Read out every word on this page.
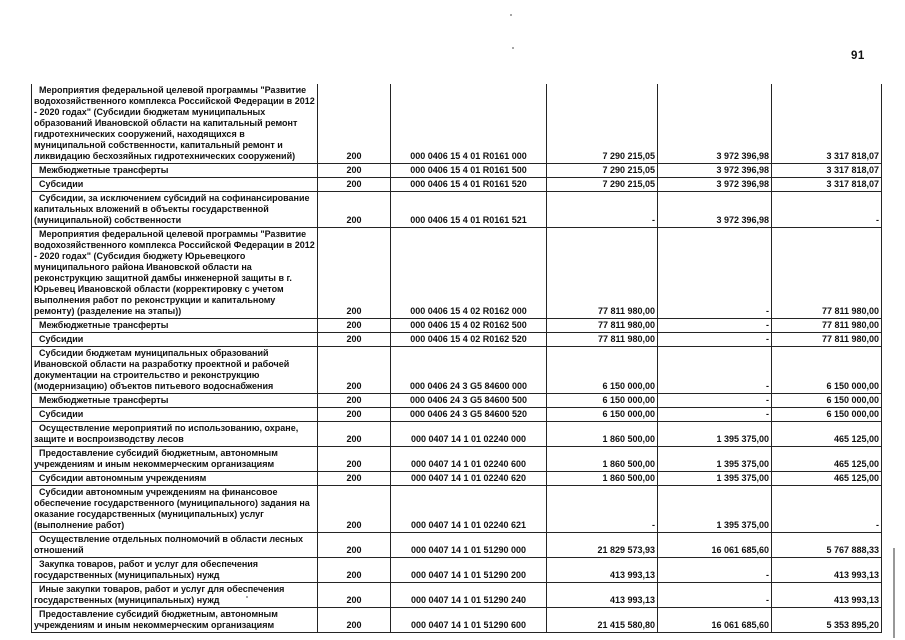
91
Мероприятия федеральной целевой программы "Развитие водохозяйственного комплекса Российской Федерации в 2012 - 2020 годах" (Субсидии бюджетам муниципальных образований Ивановской области на капитальный ремонт гидротехнических сооружений, находящихся в муниципальной собственности, капитальный ремонт и ликвидацию бесхозяйных гидротехнических сооружений)	200	000 0406 15 4 01 R0161 000	7 290 215,05	3 972 396,98	3 317 818,07
Межбюджетные трансферты	200	000 0406 15 4 01 R0161 500	7 290 215,05	3 972 396,98	3 317 818,07
Субсидии	200	000 0406 15 4 01 R0161 520	7 290 215,05	3 972 396,98	3 317 818,07
Субсидии, за исключением субсидий на софинансирование капитальных вложений в объекты государственной (муниципальной) собственности	200	000 0406 15 4 01 R0161 521	-	3 972 396,98	-
Мероприятия федеральной целевой программы "Развитие водохозяйственного комплекса Российской Федерации в 2012 - 2020 годах" (Субсидия бюджету Юрьевецкого муниципального района Ивановской области на реконструкцию защитной дамбы инженерной защиты в г. Юрьевец Ивановской области (корректировку с учетом выполнения работ по реконструкции и капитальному ремонту) (разделение на этапы))	200	000 0406 15 4 02 R0162 000	77 811 980,00	-	77 811 980,00
Межбюджетные трансферты	200	000 0406 15 4 02 R0162 500	77 811 980,00	-	77 811 980,00
Субсидии	200	000 0406 15 4 02 R0162 520	77 811 980,00	-	77 811 980,00
Субсидии бюджетам муниципальных образований Ивановской области на разработку проектной и рабочей документации на строительство и реконструкцию (модернизацию) объектов питьевого водоснабжения	200	000 0406 24 3 G5 84600 000	6 150 000,00	-	6 150 000,00
Межбюджетные трансферты	200	000 0406 24 3 G5 84600 500	6 150 000,00	-	6 150 000,00
Субсидии	200	000 0406 24 3 G5 84600 520	6 150 000,00	-	6 150 000,00
Осуществление мероприятий по использованию, охране, защите и воспроизводству лесов	200	000 0407 14 1 01 02240 000	1 860 500,00	1 395 375,00	465 125,00
Предоставление субсидий бюджетным, автономным учреждениям и иным некоммерческим организациям	200	000 0407 14 1 01 02240 600	1 860 500,00	1 395 375,00	465 125,00
Субсидии автономным учреждениям	200	000 0407 14 1 01 02240 620	1 860 500,00	1 395 375,00	465 125,00
Субсидии автономным учреждениям на финансовое обеспечение государственного (муниципального) задания на оказание государственных (муниципальных) услуг (выполнение работ)	200	000 0407 14 1 01 02240 621	-	1 395 375,00	-
Осуществление отдельных полномочий в области лесных отношений	200	000 0407 14 1 01 51290 000	21 829 573,93	16 061 685,60	5 767 888,33
Закупка товаров, работ и услуг для обеспечения государственных (муниципальных) нужд	200	000 0407 14 1 01 51290 200	413 993,13	-	413 993,13
Иные закупки товаров, работ и услуг для обеспечения государственных (муниципальных) нужд	200	000 0407 14 1 01 51290 240	413 993,13	-	413 993,13
Предоставление субсидий бюджетным, автономным учреждениям и иным некоммерческим организациям	200	000 0407 14 1 01 51290 600	21 415 580,80	16 061 685,60	5 353 895,20
